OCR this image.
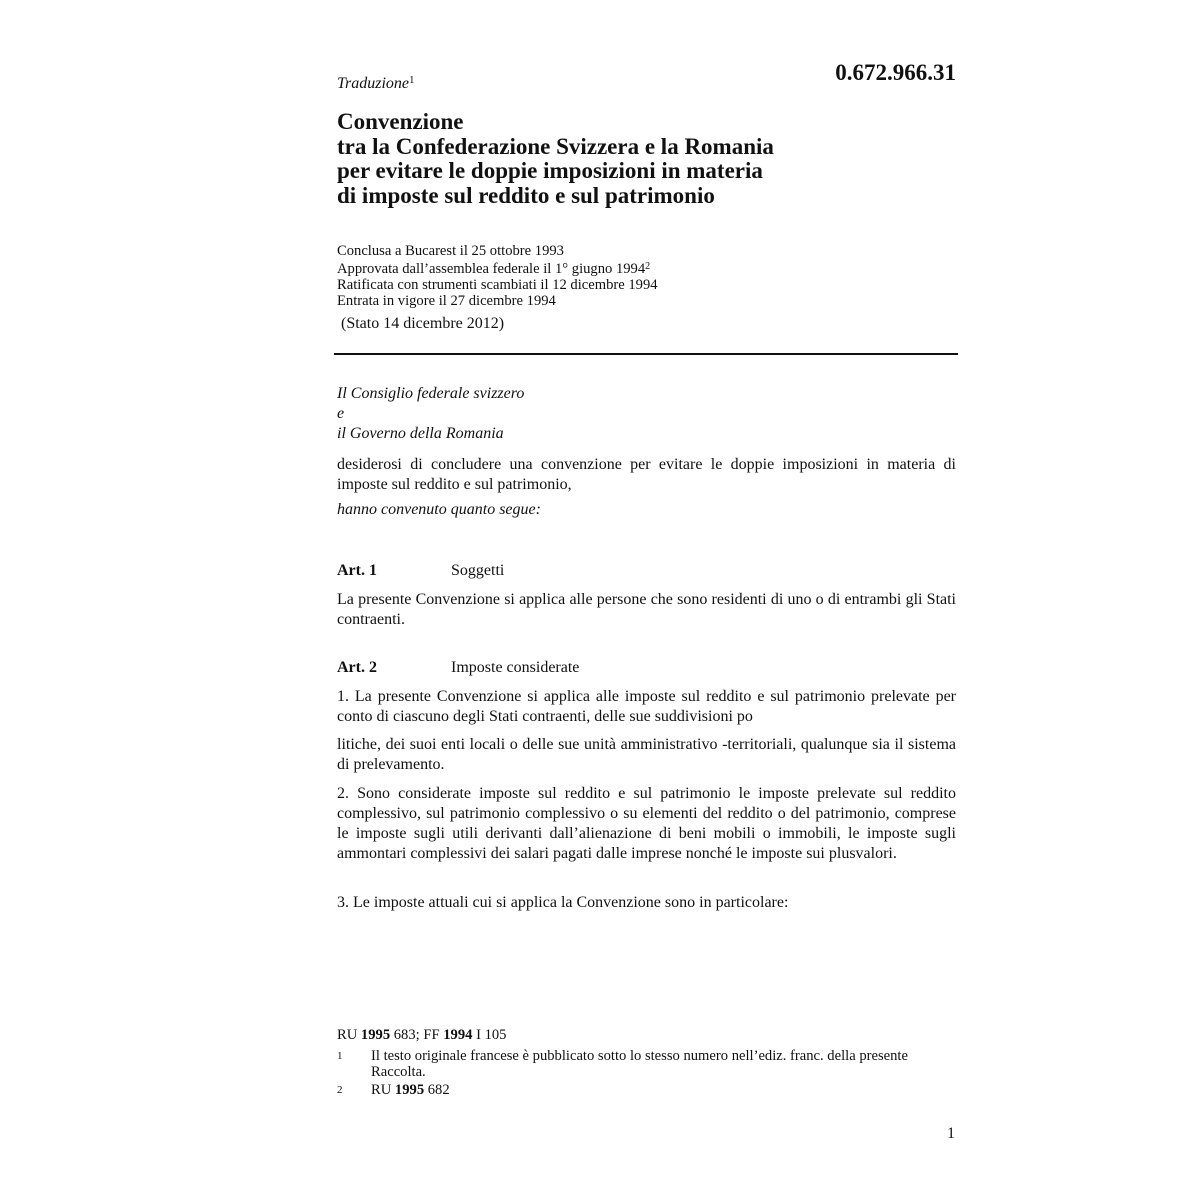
Traduzione$^1$	0.672.966.31
Convenzione
tra la Confederazione Svizzera e la Romania
per evitare le doppie imposizioni in materia
di imposte sul reddito e sul patrimonio
Conclusa a Bucarest il 25 ottobre 1993
Approvata dall’assemblea federale il 1° giugno 1994$^2$
Ratificata con strumenti scambiati il 12 dicembre 1994
Entrata in vigore il 27 dicembre 1994
(Stato 14 dicembre 2012)
Il Consiglio federale svizzero
e
il Governo della Romania
desiderosi di concludere una convenzione per evitare le doppie imposizioni in materia di imposte sul reddito e sul patrimonio,
hanno convenuto quanto segue:
Art. 1	Soggetti
La presente Convenzione si applica alle persone che sono residenti di uno o di entrambi gli Stati contraenti.
Art. 2	Imposte considerate
1. La presente Convenzione si applica alle imposte sul reddito e sul patrimonio prelevate per conto di ciascuno degli Stati contraenti, delle sue suddivisioni po
litiche, dei suoi enti locali o delle sue unità amministrativo -territoriali, qualunque sia il sistema di prelevamento.
2. Sono considerate imposte sul reddito e sul patrimonio le imposte prelevate sul reddito complessivo, sul patrimonio complessivo o su elementi del reddito o del patrimonio, comprese le imposte sugli utili derivanti dall’alienazione di beni mobili o immobili, le imposte sugli ammontari complessivi dei salari pagati dalle imprese nonché le imposte sui plusvalori.
3. Le imposte attuali cui si applica la Convenzione sono in particolare:
RU 1995 683; FF 1994 I 105
1 Il testo originale francese è pubblicato sotto lo stesso numero nell’ediz. franc. della presente Raccolta.
2 RU 1995 682
1
